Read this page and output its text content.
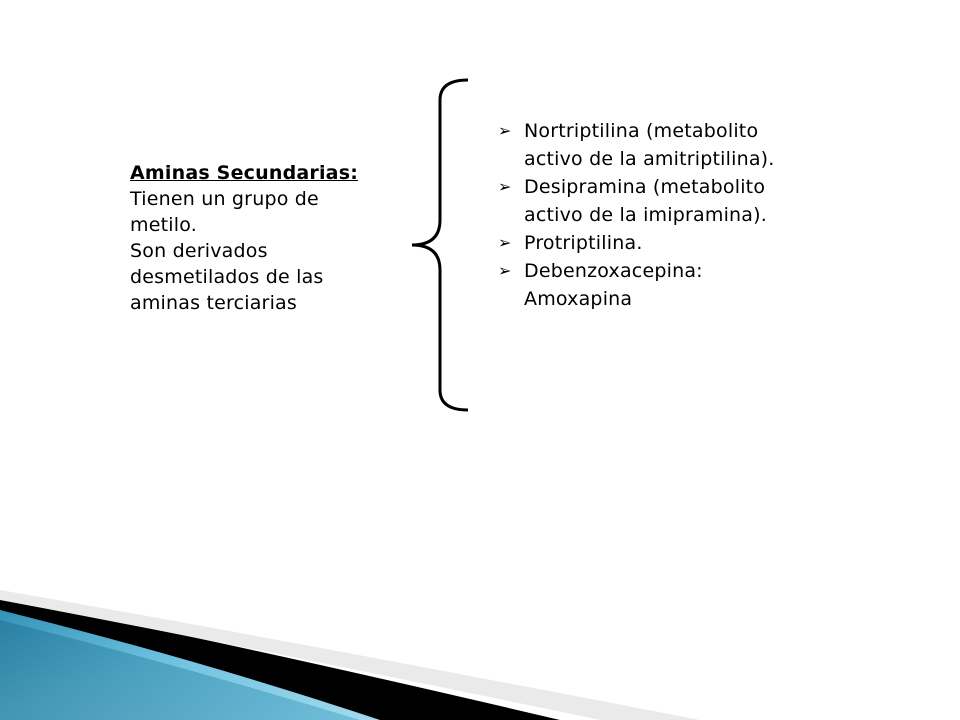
Aminas Secundarias:
Tienen un grupo de
metilo.
Son derivados
desmetilados de las
aminas terciarias
➢ Nortriptilina (metabolito activo de la amitriptilina).
➢ Desipramina (metabolito activo de la imipramina).
➢ Protriptilina.
➢ Debenzoxacepina: Amoxapina
